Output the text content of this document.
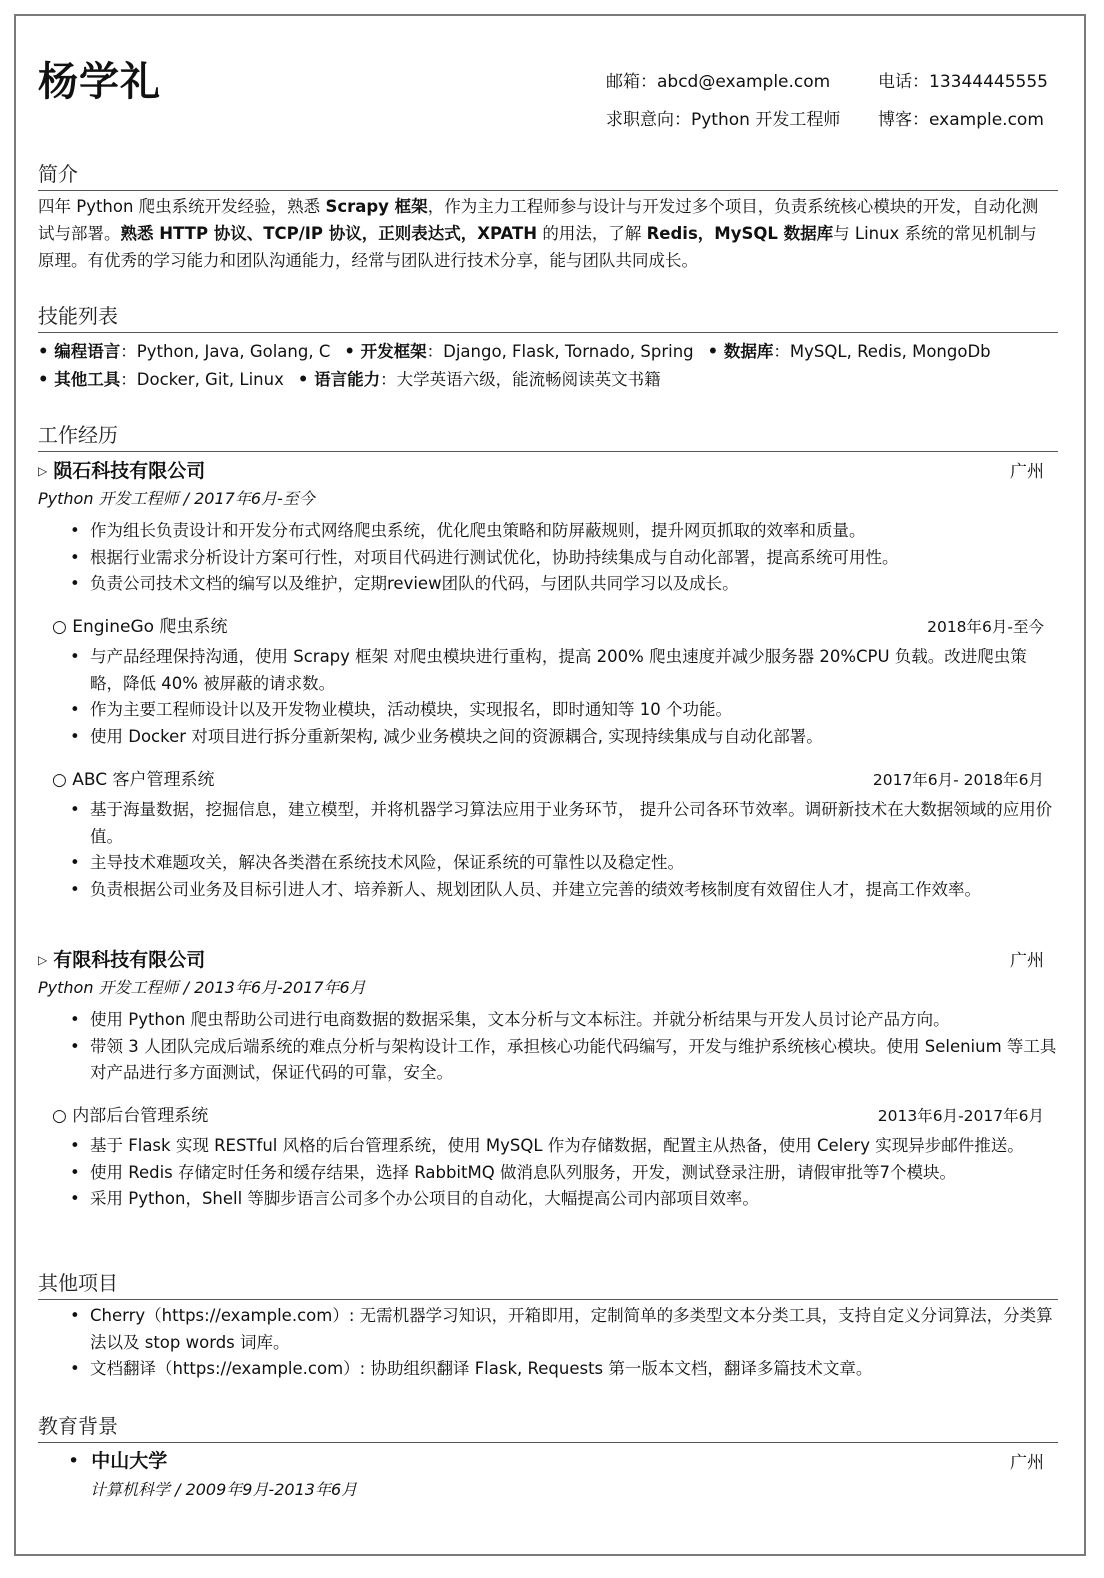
杨学礼	邮箱：abcd@example.com	电话：13344445555
求职意向：Python 开发工程师 博客：example.com
简介
四年 Python 爬虫系统开发经验，熟悉 Scrapy 框架，作为主力工程师参与设计与开发过多个项目，负责系统核心模块的开发，自动化测试与部署。熟悉 HTTP 协议、TCP/IP 协议，正则表达式，XPATH 的用法，了解 Redis，MySQL 数据库与 Linux 系统的常见机制与原理。有优秀的学习能力和团队沟通能力，经常与团队进行技术分享，能与团队共同成长。
技能列表
• 编程语言：Python, Java, Golang, C • 开发框架：Django, Flask, Tornado, Spring • 数据库：MySQL, Redis, MongoDb
• 其他工具：Docker, Git, Linux • 语言能力：大学英语六级，能流畅阅读英文书籍
工作经历
▷ 陨石科技有限公司	广州
Python 开发工程师 / 2017年6月-至今
• 作为组长负责设计和开发分布式网络爬虫系统，优化爬虫策略和防屏蔽规则，提升网页抓取的效率和质量。
• 根据行业需求分析设计方案可行性，对项目代码进行测试优化，协助持续集成与自动化部署，提高系统可用性。
• 负责公司技术文档的编写以及维护，定期review团队的代码，与团队共同学习以及成长。
○ EngineGo 爬虫系统	2018年6月-至今
• 与产品经理保持沟通，使用 Scrapy 框架 对爬虫模块进行重构，提高 200% 爬虫速度并减少服务器 20%CPU 负载。改进爬虫策略，降低 40% 被屏蔽的请求数。
• 作为主要工程师设计以及开发物业模块，活动模块，实现报名，即时通知等 10 个功能。
• 使用 Docker 对项目进行拆分重新架构, 减少业务模块之间的资源耦合, 实现持续集成与自动化部署。
○ ABC 客户管理系统	2017年6月- 2018年6月
• 基于海量数据，挖掘信息，建立模型，并将机器学习算法应用于业务环节， 提升公司各环节效率。调研新技术在大数据领域的应用价值。
• 主导技术难题攻关，解决各类潜在系统技术风险，保证系统的可靠性以及稳定性。
• 负责根据公司业务及目标引进人才、培养新人、规划团队人员、并建立完善的绩效考核制度有效留住人才，提高工作效率。
▷ 有限科技有限公司	广州
Python 开发工程师 / 2013年6月-2017年6月
• 使用 Python 爬虫帮助公司进行电商数据的数据采集，文本分析与文本标注。并就分析结果与开发人员讨论产品方向。
• 带领 3 人团队完成后端系统的难点分析与架构设计工作，承担核心功能代码编写，开发与维护系统核心模块。使用 Selenium 等工具对产品进行多方面测试，保证代码的可靠，安全。
○ 内部后台管理系统	2013年6月-2017年6月
• 基于 Flask 实现 RESTful 风格的后台管理系统，使用 MySQL 作为存储数据，配置主从热备，使用 Celery 实现异步邮件推送。
• 使用 Redis 存储定时任务和缓存结果，选择 RabbitMQ 做消息队列服务，开发，测试登录注册，请假审批等7个模块。
• 采用 Python，Shell 等脚步语言公司多个办公项目的自动化，大幅提高公司内部项目效率。
其他项目
• Cherry（https://example.com）: 无需机器学习知识，开箱即用，定制简单的多类型文本分类工具，支持自定义分词算法，分类算法以及 stop words 词库。
• 文档翻译（https://example.com）: 协助组织翻译 Flask, Requests 第一版本文档，翻译多篇技术文章。
教育背景
• 中山大学	广州
计算机科学 / 2009年9月-2013年6月
